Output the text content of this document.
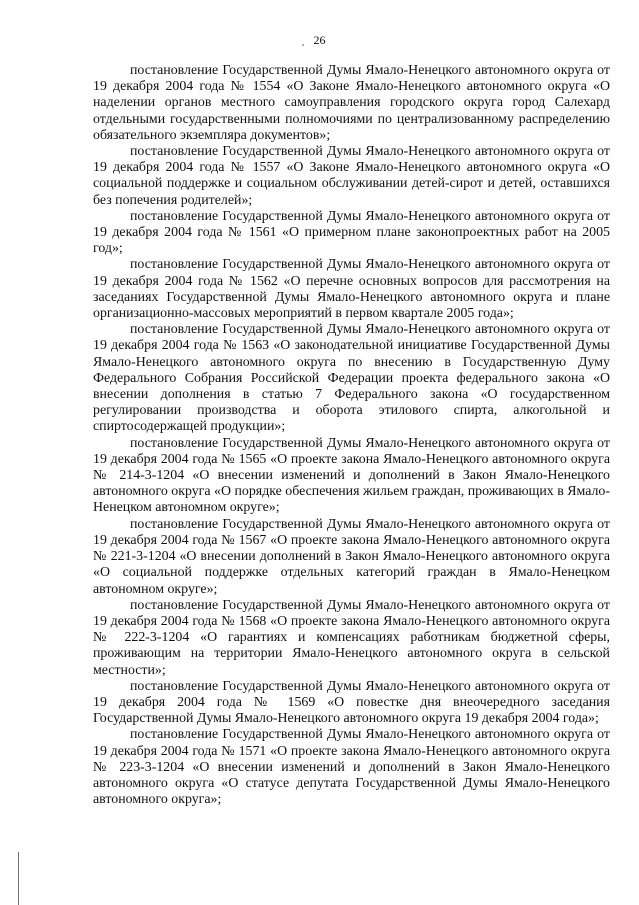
26

постановление Государственной Думы Ямало-Ненецкого автономного округа от 19 декабря 2004 года № 1554 «О Законе Ямало-Ненецкого автономного округа «О наделении органов местного самоуправления городского округа город Салехард отдельными государственными полномочиями по централизованному распределению обязательного экземпляра документов»;

постановление Государственной Думы Ямало-Ненецкого автономного округа от 19 декабря 2004 года № 1557 «О Законе Ямало-Ненецкого автономного округа «О социальной поддержке и социальном обслуживании детей-сирот и детей, оставшихся без попечения родителей»;

постановление Государственной Думы Ямало-Ненецкого автономного округа от 19 декабря 2004 года № 1561 «О примерном плане законопроектных работ на 2005 год»;

постановление Государственной Думы Ямало-Ненецкого автономного округа от 19 декабря 2004 года № 1562 «О перечне основных вопросов для рассмотрения на заседаниях Государственной Думы Ямало-Ненецкого автономного округа и плане организационно-массовых мероприятий в первом квартале 2005 года»;

постановление Государственной Думы Ямало-Ненецкого автономного округа от 19 декабря 2004 года № 1563 «О законодательной инициативе Государственной Думы Ямало-Ненецкого автономного округа по внесению в Государственную Думу Федерального Собрания Российской Федерации проекта федерального закона «О внесении дополнения в статью 7 Федерального закона «О государственном регулировании производства и оборота этилового спирта, алкогольной и спиртосодержащей продукции»;

постановление Государственной Думы Ямало-Ненецкого автономного округа от 19 декабря 2004 года № 1565 «О проекте закона Ямало-Ненецкого автономного округа № 214-3-1204 «О внесении изменений и дополнений в Закон Ямало-Ненецкого автономного округа «О порядке обеспечения жильем граждан, проживающих в Ямало-Ненецком автономном округе»;

постановление Государственной Думы Ямало-Ненецкого автономного округа от 19 декабря 2004 года № 1567 «О проекте закона Ямало-Ненецкого автономного округа № 221-3-1204 «О внесении дополнений в Закон Ямало-Ненецкого автономного округа «О социальной поддержке отдельных категорий граждан в Ямало-Ненецком автономном округе»;

постановление Государственной Думы Ямало-Ненецкого автономного округа от 19 декабря 2004 года № 1568 «О проекте закона Ямало-Ненецкого автономного округа № 222-3-1204 «О гарантиях и компенсациях работникам бюджетной сферы, проживающим на территории Ямало-Ненецкого автономного округа в сельской местности»;

постановление Государственной Думы Ямало-Ненецкого автономного округа от 19 декабря 2004 года № 1569 «О повестке дня внеочередного заседания Государственной Думы Ямало-Ненецкого автономного округа 19 декабря 2004 года»;

постановление Государственной Думы Ямало-Ненецкого автономного округа от 19 декабря 2004 года № 1571 «О проекте закона Ямало-Ненецкого автономного округа № 223-3-1204 «О внесении изменений и дополнений в Закон Ямало-Ненецкого автономного округа «О статусе депутата Государственной Думы Ямало-Ненецкого автономного округа»;
